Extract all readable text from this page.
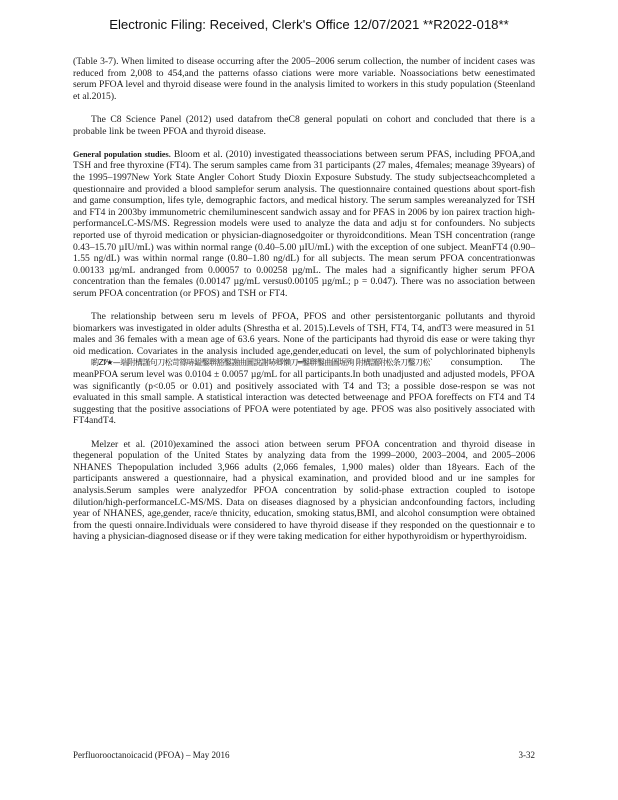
Electronic Filing: Received, Clerk's Office 12/07/2021 **R2022-018**

(Table 3-7). When limited to disease occurring after the 2005–2006 serum collection, the number of incident cases was reduced from 2,008 to 454,and the patterns ofasso ciations were more variable. Noassociations betw eenestimated serum PFOA level and thyroid disease were found in the analysis limited to workers in this study population (Steenland et al.2015).

The C8 Science Panel (2012) used datafrom theC8 general populati on cohort and concluded that there is a probable link be tween PFOA and thyroid disease.

General population studies. Bloom et al. (2010) investigated theassociations between serum PFAS, including PFOA,and TSH and free thyroxine (FT4). The serum samples came from 31 participants (27 males, 4females; meanage 39years) of the 1995–1997New York State Angler Cohort Study Dioxin Exposure Substudy. The study subjectseachcompleted a questionnaire and provided a blood samplefor serum analysis. The questionnaire contained questions about sport-fish and game consumption, lifes tyle, demographic factors, and medical history. The serum samples wereanalyzed for TSH and FT4 in 2003by immunometric chemiluminescent sandwich assay and for PFAS in 2006 by ion pairex traction high-performanceLC-MS/MS. Regression models were used to analyze the data and adju st for confounders. No subjects reported use of thyroid medication or physician-diagnosedgoiter or thyroidconditions. Mean TSH concentration (range 0.43–15.70 µIU/mL) was within normal range (0.40–5.00 µIU/mL) with the exception of one subject. MeanFT4 (0.90–1.55 ng/dL) was within normal range (0.80–1.80 ng/dL) for all subjects. The mean serum PFOA concentrationwas 0.00133 µg/mL andranged from 0.00057 to 0.00258 µg/mL. The males had a significantly higher serum PFOA concentration than the females (0.00147 µg/mL versus0.00105 µg/mL; p = 0.047). There was no association between serum PFOA concentration (or PFOS) and TSH or FT4.

The relationship between seru m levels of PFOA, PFOS and other persistentorganic pollutants and thyroid biomarkers was investigated in older adults (Shrestha et al. 2015).Levels of TSH, FT4, T4, andT3 were measured in 51 males and 36 females with a mean age of 63.6 years. None of the participants had thyroid dis ease or were taking thyr oid medication. Covariates in the analysis included age,gender,educati on level, the sum of polychlorinated biphenyls 喲Zf⁄★—端附構謹句刀松苛篠哧鎰鑿聨豁鑿謝曲圖說謝哧郷懶刀═鑿聨鑿曲圖堀殉 附構謹附松条刀鑿刀松` consumption. The meanPFOA serum level was 0.0104 ± 0.0057 µg/mL for all participants.In both unadjusted and adjusted models, PFOA was significantly (p<0.05 or 0.01) and positively associated with T4 and T3; a possible dose-respon se was not evaluated in this small sample. A statistical interaction was detected betweenage and PFOA foreffects on FT4 and T4 suggesting that the positive associations of PFOA were potentiated by age. PFOS was also positively associated with FT4andT4.

Melzer et al. (2010)examined the associ ation between serum PFOA concentration and thyroid disease in thegeneral population of the United States by analyzing data from the 1999–2000, 2003–2004, and 2005–2006 NHANES Thepopulation included 3,966 adults (2,066 females, 1,900 males) older than 18years. Each of the participants answered a questionnaire, had a physical examination, and provided blood and ur ine samples for analysis.Serum samples were analyzedfor PFOA concentration by solid-phase extraction coupled to isotope dilution/high-performanceLC-MS/MS. Data on diseases diagnosed by a physician andconfounding factors, including year of NHANES, age,gender, race/e thnicity, education, smoking status,BMI, and alcohol consumption were obtained from the questi onnaire.Individuals were considered to have thyroid disease if they responded on the questionnair e to having a physician-diagnosed disease or if they were taking medication for either hypothyroidism or hyperthyroidism.

Perfluorooctanoicacid (PFOA) – May 2016	3-32
